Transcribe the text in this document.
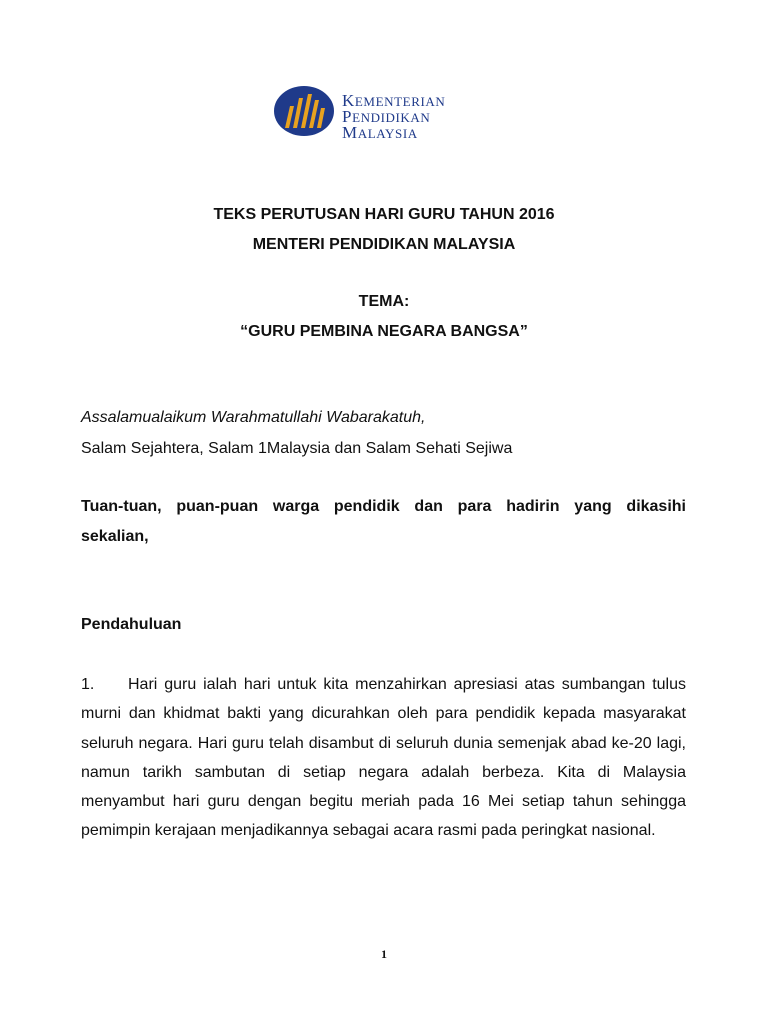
KEMENTERIAN
PENDIDIKAN
MALAYSIA

TEKS PERUTUSAN HARI GURU TAHUN 2016

MENTERI PENDIDIKAN MALAYSIA

TEMA:

“GURU PEMBINA NEGARA BANGSA”

Assalamualaikum Warahmatullahi Wabarakatuh,

Salam Sejahtera, Salam 1Malaysia dan Salam Sehati Sejiwa

Tuan-tuan, puan-puan warga pendidik dan para hadirin yang dikasihi

sekalian,

Pendahuluan

1. Hari guru ialah hari untuk kita menzahirkan apresiasi atas sumbangan tulus murni dan khidmat bakti yang dicurahkan oleh para pendidik kepada masyarakat seluruh negara. Hari guru telah disambut di seluruh dunia semenjak abad ke-20 lagi, namun tarikh sambutan di setiap negara adalah berbeza. Kita di Malaysia menyambut hari guru dengan begitu meriah pada 16 Mei setiap tahun sehingga pemimpin kerajaan menjadikannya sebagai acara rasmi pada peringkat nasional.

1
